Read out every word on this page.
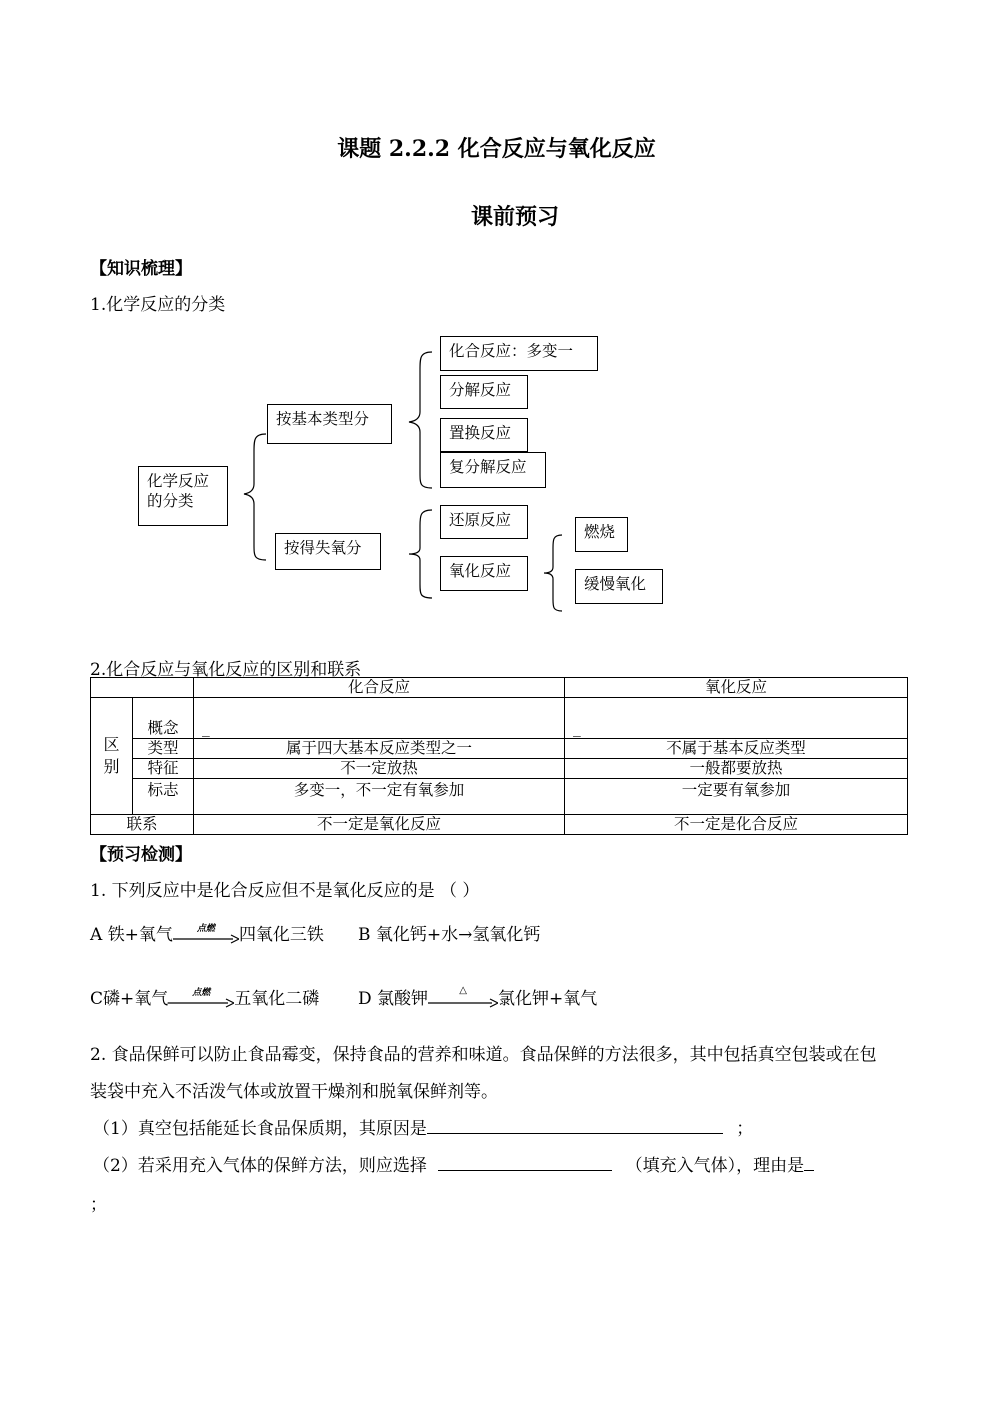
课题 2.2.2 化合反应与氧化反应
课前预习
【知识梳理】
1.化学反应的分类
化学反应的分类
按基本类型分
按得失氧分
化合反应：多变一
分解反应
置换反应
复分解反应
还原反应
氧化反应
燃烧
缓慢氧化
2.化合反应与氧化反应的区别和联系
		化合反应	氧化反应
区别	概念	_	_
	类型	属于四大基本反应类型之一	不属于基本反应类型
	特征	不一定放热	一般都要放热
	标志	多变一，不一定有氧参加	一定要有氧参加
联系		不一定是氧化反应	不一定是化合反应
【预习检测】
1. 下列反应中是化合反应但不是氧化反应的是 （ ）
A 铁+氧气	点燃	四氧化三铁 B 氧化钙+水→氢氧化钙
C磷+氧气	点燃	五氧化二磷 D 氯酸钾	△	氯化钾+氧气
2. 食品保鲜可以防止食品霉变，保持食品的营养和味道。食品保鲜的方法很多，其中包括真空包装或在包
装袋中充入不活泼气体或放置干燥剂和脱氧保鲜剂等。
（1）真空包括能延长食品保质期，其原因是	；
（2）若采用充入气体的保鲜方法，则应选择	（填充入气体），理由是
；
